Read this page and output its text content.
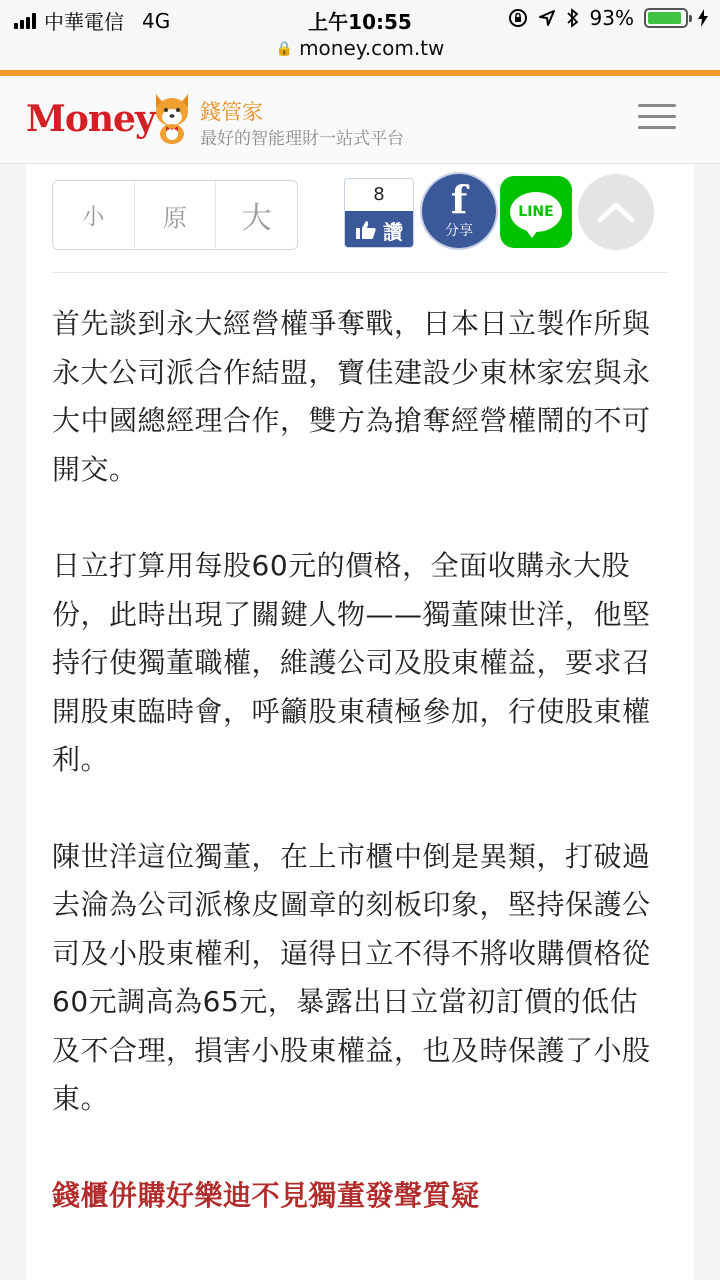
中華電信 4G	上午10:55	93%
🔒 money.com.tw
Money 錢管家
最好的智能理財一站式平台
小	原	大
8
讚
f
分享
LINE

首先談到永大經營權爭奪戰，日本日立製作所與永大公司派合作結盟，寶佳建設少東林家宏與永大中國總經理合作，雙方為搶奪經營權鬧的不可開交。

日立打算用每股60元的價格，全面收購永大股份，此時出現了關鍵人物——獨董陳世洋，他堅持行使獨董職權，維護公司及股東權益，要求召開股東臨時會，呼籲股東積極參加，行使股東權利。

陳世洋這位獨董，在上市櫃中倒是異類，打破過去淪為公司派橡皮圖章的刻板印象，堅持保護公司及小股東權利，逼得日立不得不將收購價格從60元調高為65元，暴露出日立當初訂價的低估及不合理，損害小股東權益，也及時保護了小股東。

錢櫃併購好樂迪不見獨董發聲質疑
